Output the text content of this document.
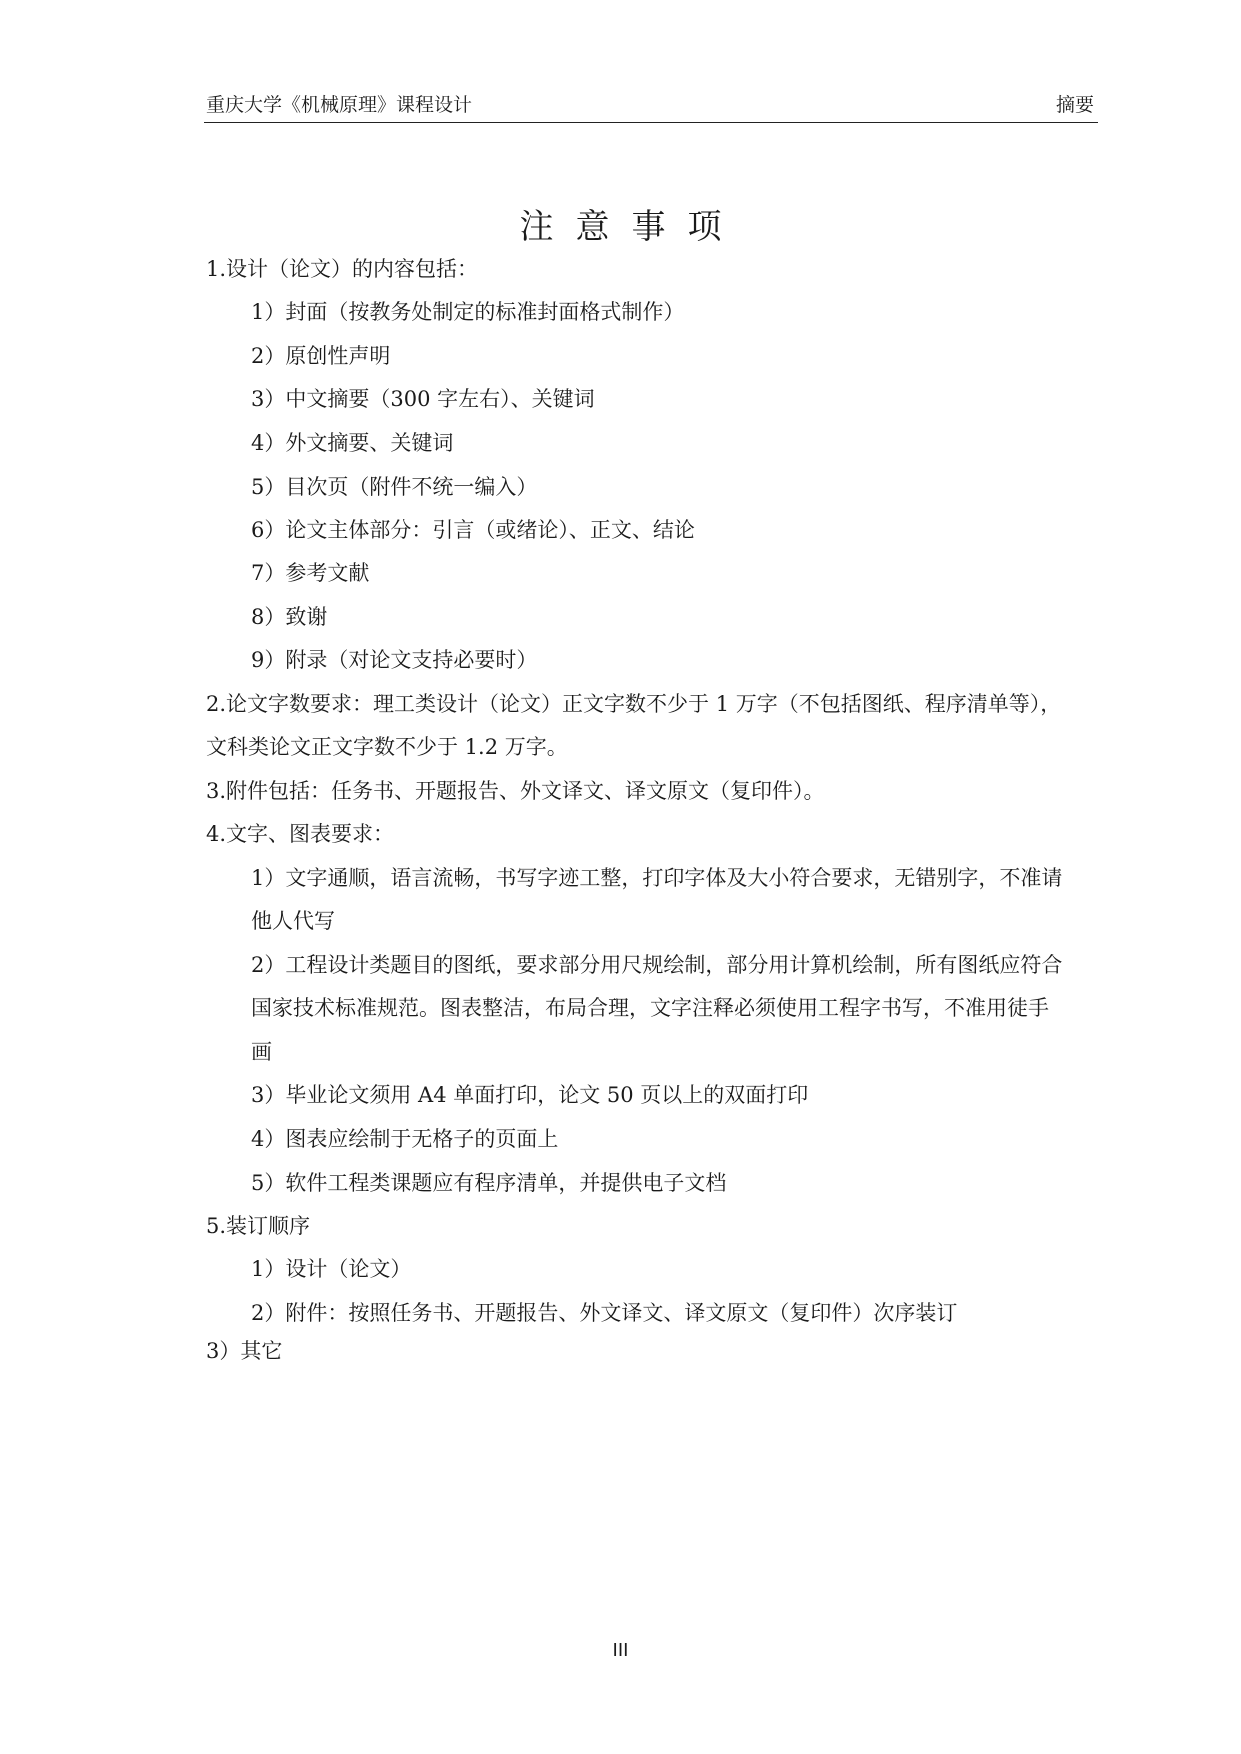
重庆大学《机械原理》课程设计	摘要
注意事项
1.设计（论文）的内容包括：
1）封面（按教务处制定的标准封面格式制作）
2）原创性声明
3）中文摘要（300 字左右）、关键词
4）外文摘要、关键词
5）目次页（附件不统一编入）
6）论文主体部分：引言（或绪论）、正文、结论
7）参考文献
8）致谢
9）附录（对论文支持必要时）
2.论文字数要求：理工类设计（论文）正文字数不少于 1 万字（不包括图纸、程序清单等），
文科类论文正文字数不少于 1.2 万字。
3.附件包括：任务书、开题报告、外文译文、译文原文（复印件）。
4.文字、图表要求：
1）文字通顺，语言流畅，书写字迹工整，打印字体及大小符合要求，无错别字，不准请
他人代写
2）工程设计类题目的图纸，要求部分用尺规绘制，部分用计算机绘制，所有图纸应符合
国家技术标准规范。图表整洁，布局合理，文字注释必须使用工程字书写，不准用徒手
画
3）毕业论文须用 A4 单面打印，论文 50 页以上的双面打印
4）图表应绘制于无格子的页面上
5）软件工程类课题应有程序清单，并提供电子文档
5.装订顺序
1）设计（论文）
2）附件：按照任务书、开题报告、外文译文、译文原文（复印件）次序装订
3）其它
III
